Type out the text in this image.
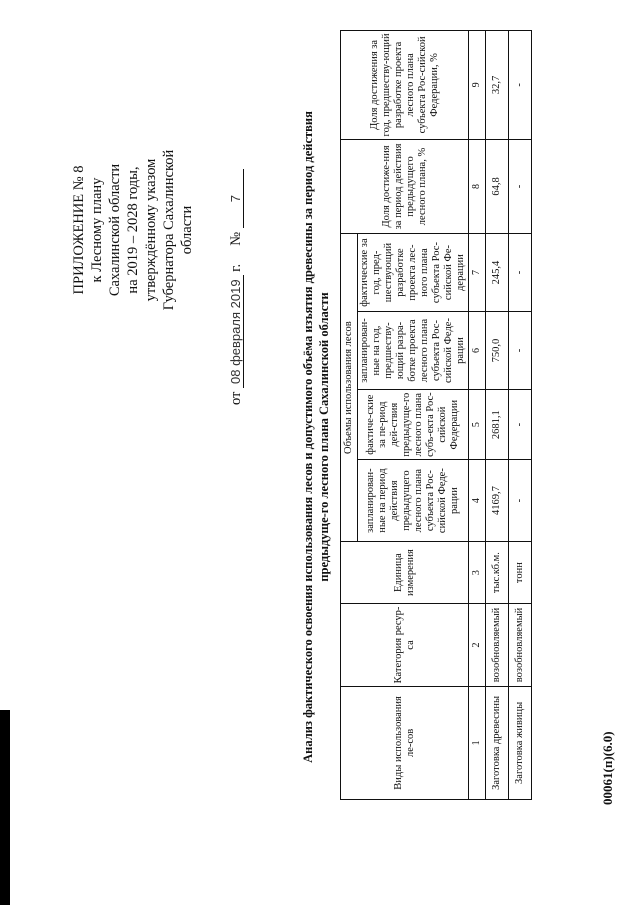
ПРИЛОЖЕНИЕ № 8 к Лесному плану Сахалинской области на 2019 – 2028 годы, утверждённому указом Губернатора Сахалинской области
от 08 февраля 2019 г.     № 7	Анализ фактического освоения использования лесов и допустимого объёма изъятия древесины за период действия предыдуще-го лесного плана Сахалинской области
Виды использования ле-сов	Категория ресур-са	Единица измерения	Объемы использования лесов				Доля достиже-ния за период действия предыдущего лесного плана, %	Доля достижения за год, предшеству-ющий разработке проекта лесного плана субъекта Рос-сийской Федерации, %
			запланирован-ные на период действия предыдущего лесного плана субъекта Рос-сийской Феде-рации	фактиче-ские за пе-риод дей-ствия предыдуще-го лесного плана субъ-екта Рос-сийской Федерации	запланирован-ные на год, предшеству-ющий разра-ботке проекта лесного плана субъекта Рос-сийской Феде-рации	фактические за год, пред-шествующий разработке проекта лес-ного плана субъекта Рос-сийской Фе-дерации		
1	2	3	4	5	6	7	8	9
Заготовка древесины	возобновляемый	тыс.кб.м.	4169,7	2681,1	750,0	245,4	64,8	32,7
Заготовка живицы	возобновляемый	тонн	-	-	-	-	-	-
00061(п)(6.0)
